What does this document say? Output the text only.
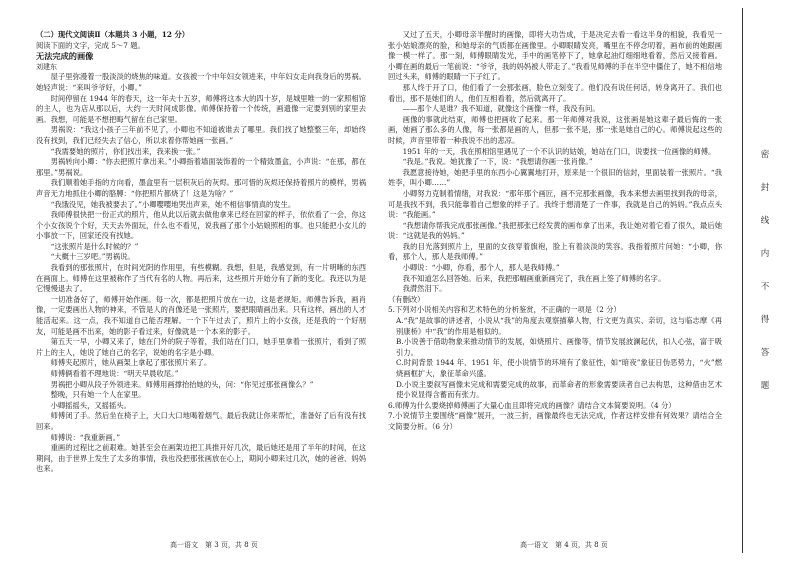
（二）现代文阅读Ⅱ（本题共 3 小题，12 分）

阅读下面的文字，完成 5～7 题。

无法完成的画像

刘建东

屋子里弥漫着一股淡淡的烧焦的味道。女孩被一个中年妇女领进来，中年妇女走向我身后的男祸。她轻声说：“来叫爷爷好，小卿。”

时间停留在 1944 年的春天，这一年夫十五岁，师傅将这本大的四十岁，是城里唯一的一家照相馆的主人，也为店从那以后，大约一天时间成影像。师傅保持着一个传统，画遗像一定要到别的家里去画。我想，可能是不想把晦气留在自己家里。

男祸说：“我这小孩子三年前不见了，小卿也不知道被谁去了哪里。我们找了她整整三年，却始终没有找到，我们已经失去了信心，所以求着你帮她画一张画。”

“我需要她的照片，你们找出来，我来换一张。”

男祸转向小卿：“你去把照片拿出来。”小卿指着墙面装饰着的一个精致墨盒，小声说：“在那，都在那里。”男祸说。

我们顺着她手指的方向看，墨盒里有一层积灰后的灰烬。那可惜的灰烬还保持着照片的模样，男祸声音无力地抓住小卿的胳膊：“你把照片都烧了！这是为啥？”

“我饿没见，她我被要去了。”小卿嘤嘤地哭出声来，她不相信事情真的发生。

我师傅很快把一份正式的照片，他从此以后就去做他拿来已经在回家的样子，依依看了一会，你这个小女孩说个个好，天天去外面玩，什么也不看见，说我画了那个小姑娘照相的事。也只能把小女儿的小事放一下，回家还没有找她。

“这张照片是什么时候的？”

“大概十三岁吧。”男祸说。

我看到的那张照片，在时间光阴的作用里，有些模糊。我想，但是，我感觉到，有一片明晰的东西在画面上。师傅在这里被称作了当代有名的人物。再后来，这些照片开始分有了新的变化。我还以为是它慢慢退去了。

一切准备好了，师傅开始作画。每一次，都是把照片放在一边，这是老规矩。师傅告诉我，画肖像，一定要画出人物的神来，不管是人的肖像还是一张照片，要把眼睛画出来。只有这样，画出的人才能活起来。这一点，我不知道自己能否理解。一个下午过去了，照片上的小女孩，还是我的一个好朋友，可能是画不出来，她的影子看过来，好像就是一个本来的影子。

第五天一早，小卿又来了，她在门外的院子等着，我们站在门口，她手里拿着一张照片，看到了照片上的主人，她说了她自己的名字，说她的名字是小卿。

师傅夹起照片，她从画架上拿起了那张照片来了。

师傅俩看着不理地说：“明天早晨收尾。”

男祸把小卿从段子外领进来。师傅用画撑抬抬她的头，问：“你见过那张画像么？”

整晚，只有她一个人在家里。

小卿摇摇头，又摇摇头。

师傅闭了手。然后坐在椅子上，大口大口地喝着烟气。最后我就让你来帮忙，准备好了后有没有找回来。

师傅说：“我重新画。”

重画的过程比之前艰难。她甚至会在画架边把工具推开好几次，最后她还是用了半年的时间，在这期间，由于世界上发生了太多的事情，我也没把那张画放在心上，期间小卿来过几次，她的爸爸、妈妈也来。

又过了五天，小卿母亲半醒时的画像，即将大功告成，于是决定去看一看这半身的相貌，我看见一张小姑娘漂亮的脸，和她母亲的气质都在画像里。小卿眼睛发亮，嘴里在不停念叨着，画布前的她跟画像一模一样了。那一刻，师傅眼睛发光，手中的画笔停下了，她拿起油灯细细地看着，然后又接着画。小卿在画的最后一笔前说：“爷爷，我的妈妈被人带走了。”我看见师傅的手在半空中僵住了，她不相信地回过头来，师傅的眼睛一下子红了。

那人终于开了口，他们看了一会那张画，脸色立刻变了。他们没有说任何话，转身离开了。我们也看出，那不是她们的人，他们互相看着，然后就离开了。

——那个人是谁？我不知道，就像这个画像一样，我没有问。

画像的事就此结束，师傅也把画收了起来。那一年师傅对我说，这张画是她这辈子最后悔的一张画，她画了那么多的人像，每一张都是画的人，但那一张不是，那一张是她自己的心。师傅说起这些的时候，声音里带着一种我说不出的悲凉。

1951 年的一天，我在照相馆里遇见了一个不认识的姑娘，她站在门口，说要找一位画像的师傅。

“我是。”我说。她犹豫了一下，说：“我想请你画一张肖像。”

我愿意接待她，她把手里的东西小心翼翼地打开，原来是一个很旧的信封，里面装着一张照片。“我姓李，叫小卿……”

小卿努力克制着情绪，对我说：“那年那个画匠，画不完那张画像，我本来想去画里找到我的母亲，可是我找不到，我只能靠着自己想象的样子了。我终于想清楚了一件事，我就是自己的妈妈。”我点点头说：“我能画。”

“我想请你帮我完成那张画像。”我把那张已经发黄的画布拿了出来，我让她对着它看了很久，最后她说：“这就是我的妈妈。”

我的目光落到照片上，里面的女孩穿着旗袍，脸上有着淡淡的笑容。我指着照片问她：“小卿，你看，那个人，那人是我师傅。”

小卿说：“小卿，你看，那个人，那人是我师傅。”

我不知道怎么回答她。后来，我把那幅画重新画完了，我在画上签了师傅的名字。

我潸然泪下。

（有删改）

5.下列对小说相关内容和艺术特色的分析鉴赏，不正确的一项是（2 分）

A.“我”是故事的讲述者，小说从“我”的角度去观察描摹人物，行文更为真实、亲切，这与临志摩《再别康桥》中“我”的作用是相似的。

B.小说善于借助物象来推动情节的发展，如烧照片、画像等，情节发展波澜起伏，扣人心弦，富于吸引力。

C.时间背景 1944 年、1951 年，使小说情节的环境有了象征性，如“暗夜”象征日伪恶势力，“火”燃烧画框扩大，象征革命兴盛。

D.小说主要叙写画像未完成和需要完成的故事，而革命者的形象需要读者自己去构思，这种借由艺术使小说显得含蓄而有张力。

6.师傅为什么要烧掉师傅画了大量心血且即将完成的画像？请结合文本简要说明。（4 分）

7.小说情节主要围绕“画像”展开，一波三折，画像最终也无法完成，作者这样安排有何效果？请结合全文简要分析。（6 分）

高一语文　第 3 页，共 8 页	高一语文　第 4 页，共 8 页
密
封
线
内
不
得
答
题
